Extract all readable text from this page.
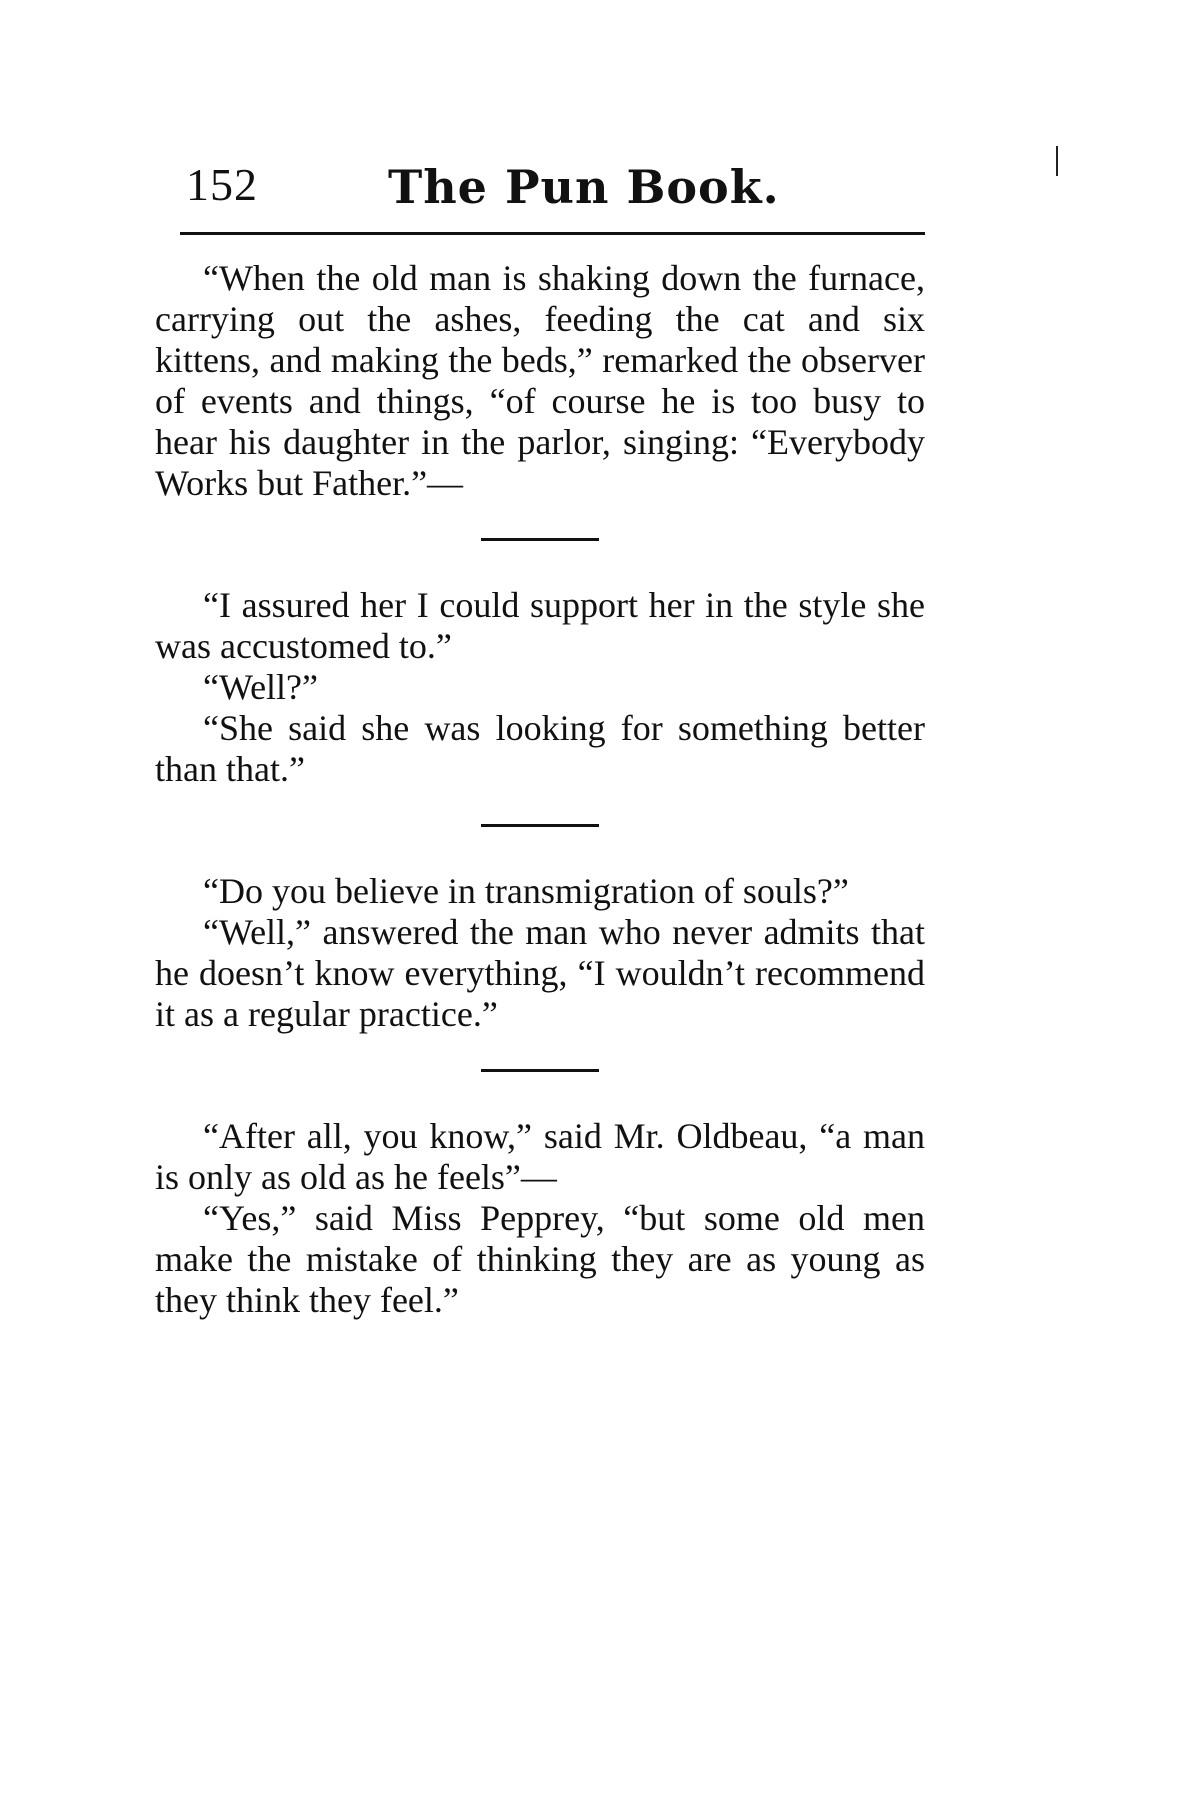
152	The Pun Book.

“When the old man is shaking down the furnace, carrying out the ashes, feeding the cat and six kittens, and making the beds,” remarked the observer of events and things, “of course he is too busy to hear his daughter in the parlor, singing: “Everybody Works but Father.”—

“I assured her I could support her in the style she was accustomed to.”

“Well?”

“She said she was looking for something better than that.”

“Do you believe in transmigration of souls?”

“Well,” answered the man who never admits that he doesn’t know everything, “I wouldn’t recommend it as a regular practice.”

“After all, you know,” said Mr. Oldbeau, “a man is only as old as he feels”—

“Yes,” said Miss Pepprey, “but some old men make the mistake of thinking they are as young as they think they feel.”
